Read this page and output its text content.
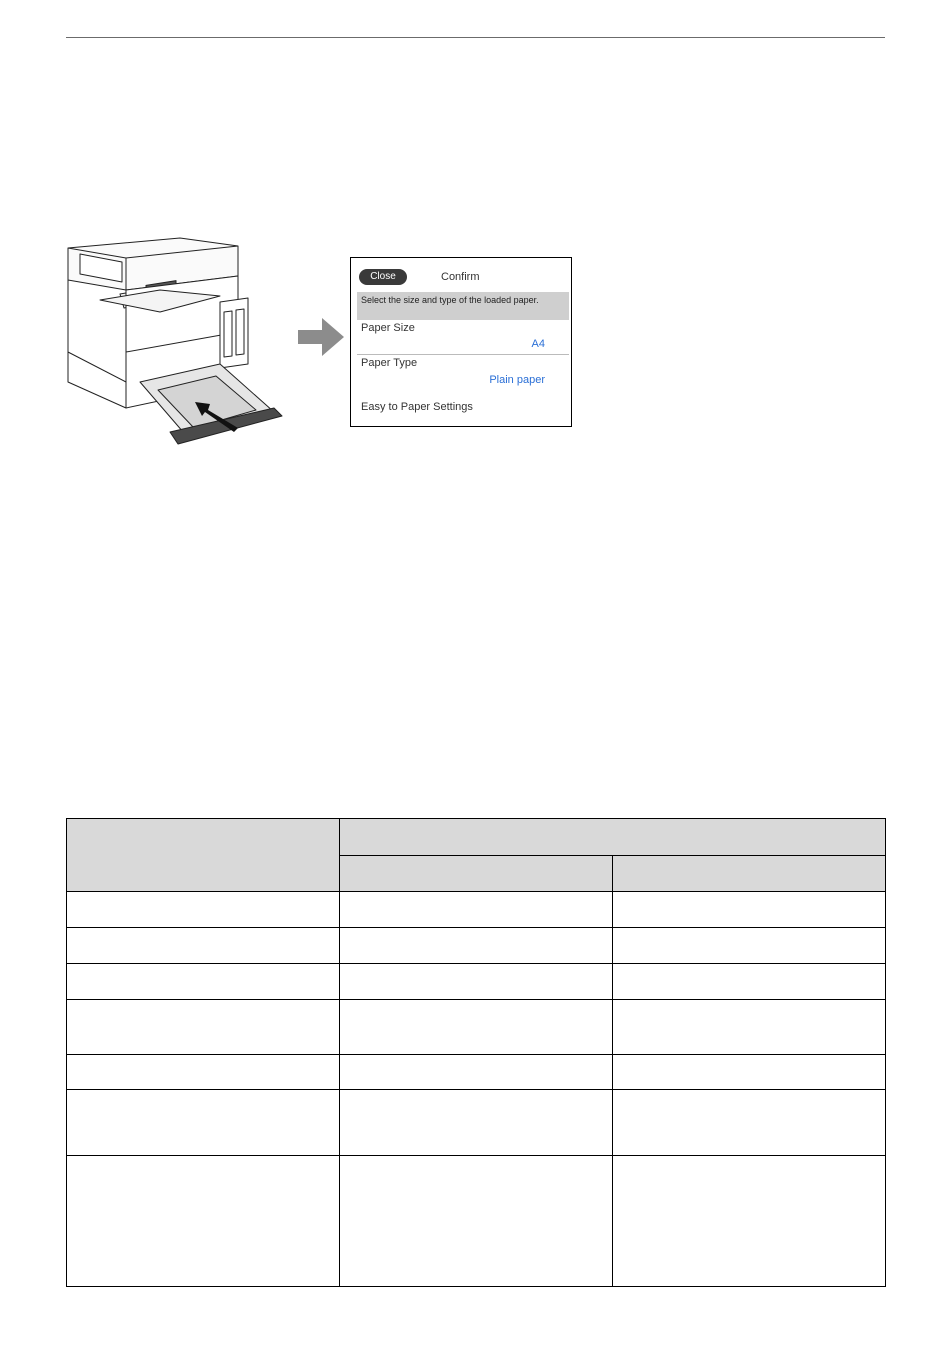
Close	Confirm
Select the size and type of the loaded paper.
Paper Size
A4
Paper Type
Plain paper
Easy to Paper Settings
